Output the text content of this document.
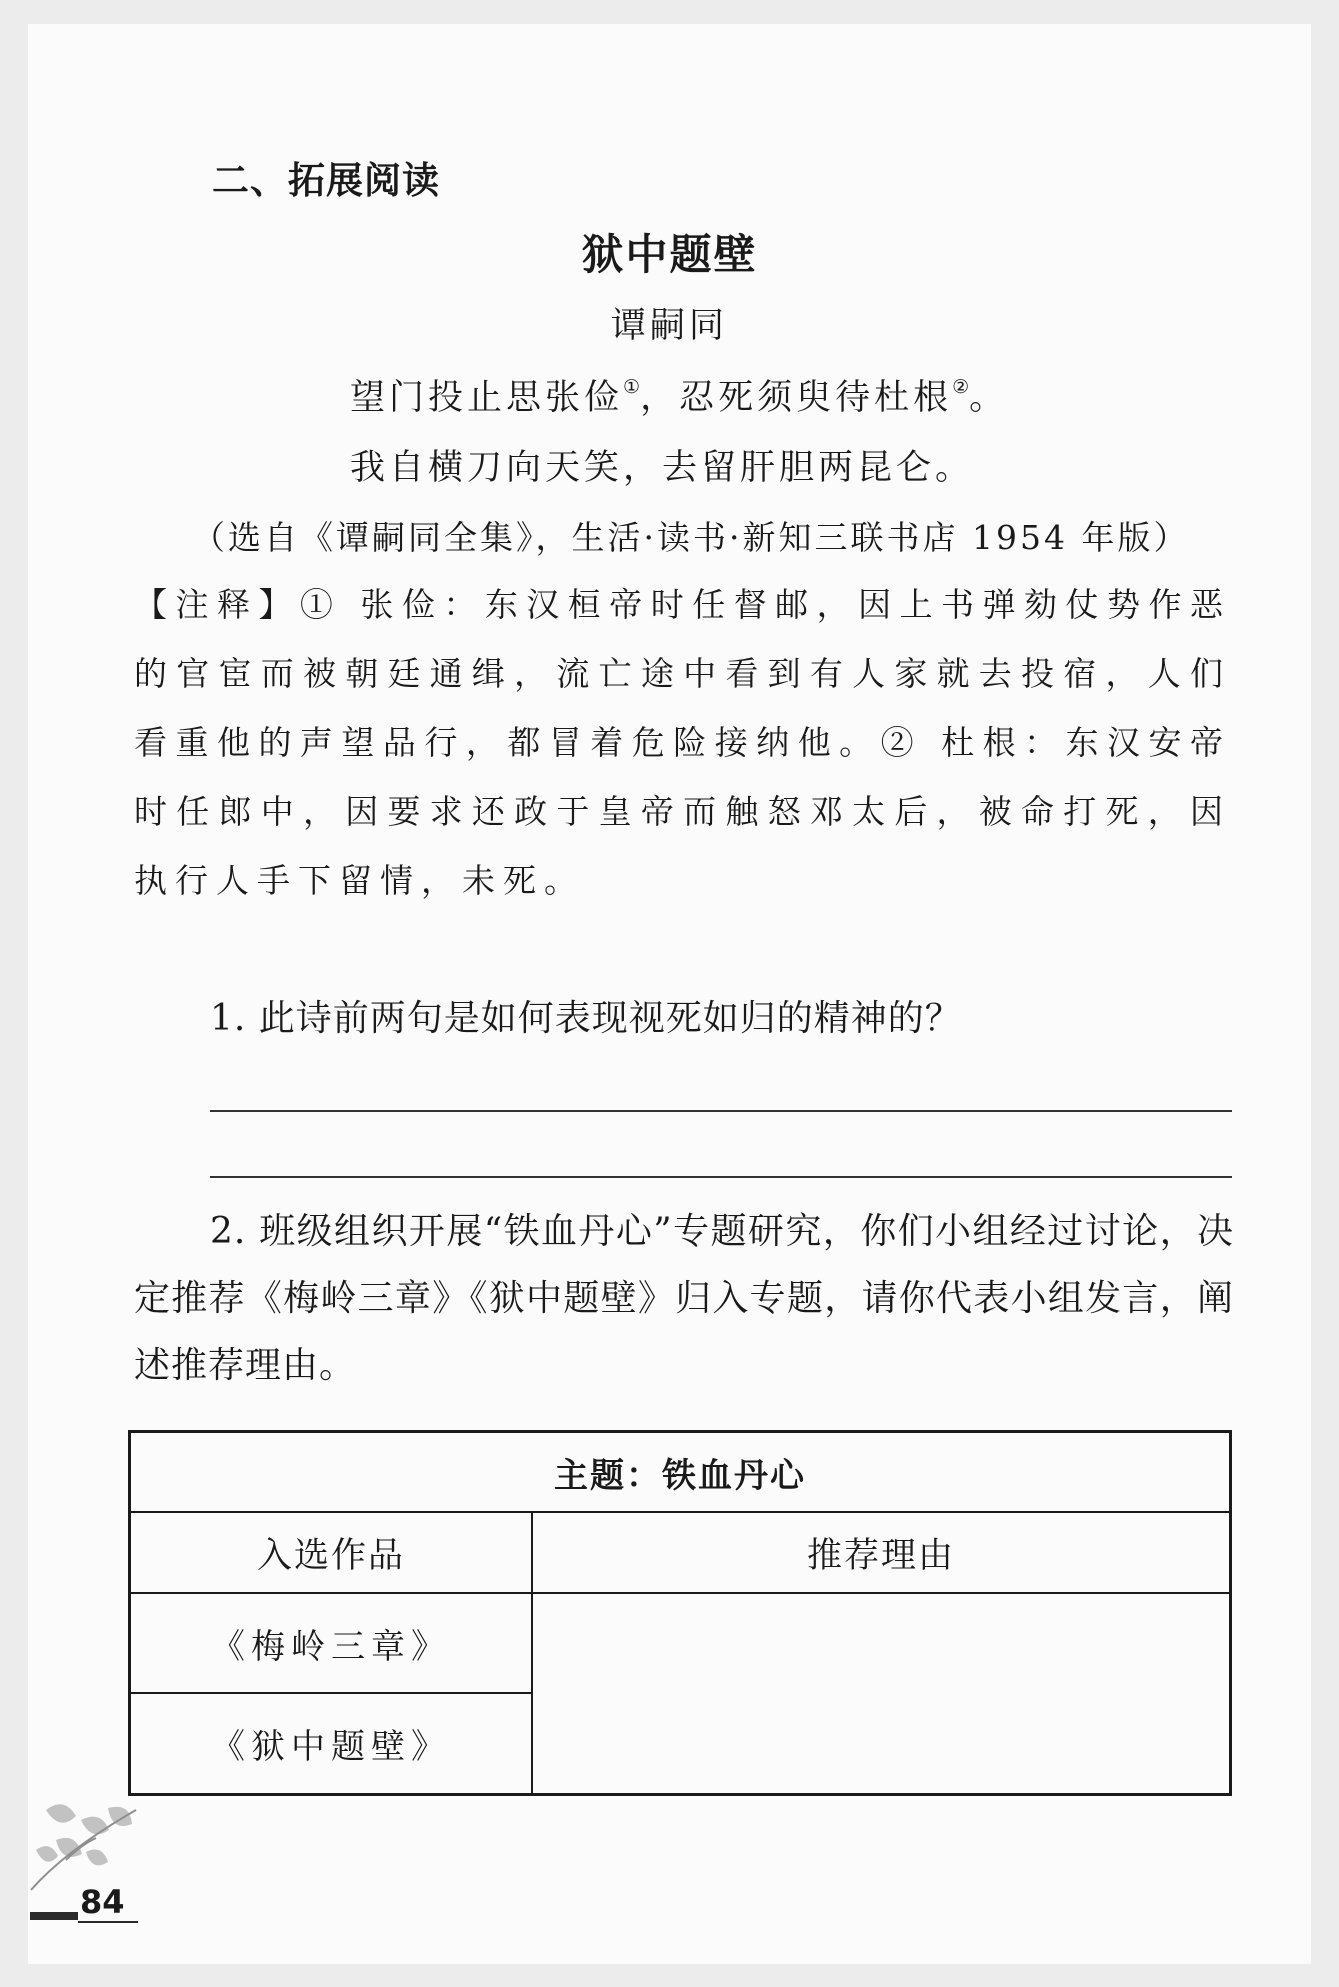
二、拓展阅读
狱中题壁
谭嗣同
望门投止思张俭①，忍死须臾待杜根②。
我自横刀向天笑，去留肝胆两昆仑。
（选自《谭嗣同全集》，生活·读书·新知三联书店 1954 年版）
【注释】① 张俭：东汉桓帝时任督邮，因上书弹劾仗势作恶的官宦而被朝廷通缉，流亡途中看到有人家就去投宿，人们看重他的声望品行，都冒着危险接纳他。② 杜根：东汉安帝时任郎中，因要求还政于皇帝而触怒邓太后，被命打死，因执行人手下留情，未死。
1. 此诗前两句是如何表现视死如归的精神的？
2. 班级组织开展“铁血丹心”专题研究，你们小组经过讨论，决定推荐《梅岭三章》《狱中题壁》归入专题，请你代表小组发言，阐述推荐理由。
主题：铁血丹心	
入选作品	推荐理由
《梅岭三章》	
《狱中题壁》	
84
